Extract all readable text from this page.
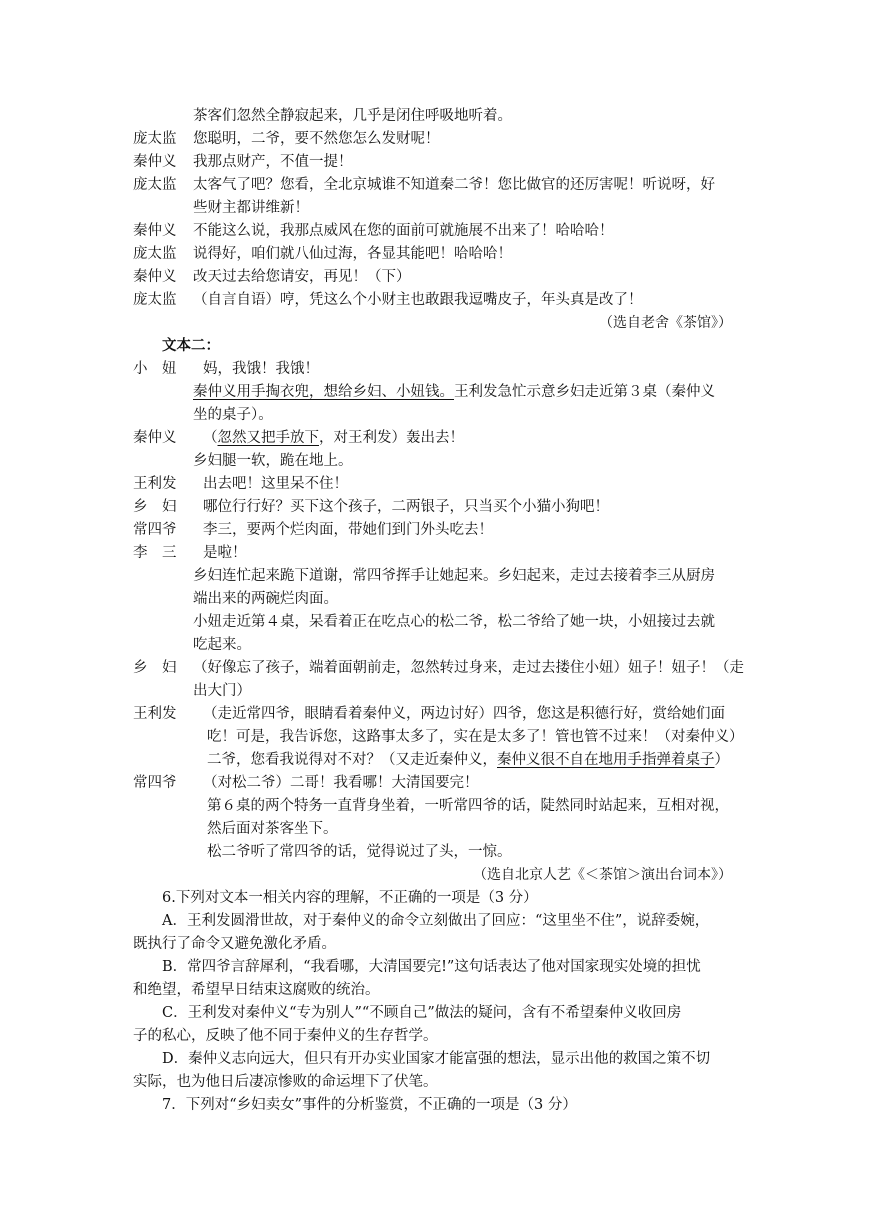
茶客们忽然全静寂起来，几乎是闭住呼吸地听着。
庞太监 您聪明，二爷，要不然您怎么发财呢！
秦仲义 我那点财产，不值一提！
庞太监 太客气了吧？您看，全北京城谁不知道秦二爷！您比做官的还厉害呢！听说呀，好
些财主都讲维新！
秦仲义 不能这么说，我那点威风在您的面前可就施展不出来了！哈哈哈！
庞太监 说得好，咱们就八仙过海，各显其能吧！哈哈哈！
秦仲义 改天过去给您请安，再见！（下）
庞太监 （自言自语）哼，凭这么个小财主也敢跟我逗嘴皮子，年头真是改了！
（选自老舍《茶馆》）
文本二：
小　妞 妈，我饿！我饿！
秦仲义用手掏衣兜，想给乡妇、小妞钱。王利发急忙示意乡妇走近第３桌（秦仲义
坐的桌子）。
秦仲义 （忽然又把手放下，对王利发）轰出去！
乡妇腿一软，跪在地上。
王利发 出去吧！这里呆不住！
乡　妇 哪位行行好？买下这个孩子，二两银子，只当买个小猫小狗吧！
常四爷 李三，要两个烂肉面，带她们到门外头吃去！
李　三 是啦！
乡妇连忙起来跪下道谢，常四爷挥手让她起来。乡妇起来，走过去接着李三从厨房
端出来的两碗烂肉面。
小妞走近第４桌，呆看着正在吃点心的松二爷，松二爷给了她一块，小妞接过去就
吃起来。
乡　妇 （好像忘了孩子，端着面朝前走，忽然转过身来，走过去搂住小妞）妞子！妞子！（走
出大门）
王利发 （走近常四爷，眼睛看着秦仲义，两边讨好）四爷，您这是积德行好，赏给她们面
吃！可是，我告诉您，这路事太多了，实在是太多了！管也管不过来！（对秦仲义）
二爷，您看我说得对不对？（又走近秦仲义，秦仲义很不自在地用手指弹着桌子）
常四爷 （对松二爷）二哥！我看哪！大清国要完！
第６桌的两个特务一直背身坐着，一听常四爷的话，陡然同时站起来，互相对视，
然后面对茶客坐下。
松二爷听了常四爷的话，觉得说过了头，一惊。
（选自北京人艺《＜茶馆＞演出台词本》）
6.下列对文本一相关内容的理解，不正确的一项是（3 分）
A．王利发圆滑世故，对于秦仲义的命令立刻做出了回应：“这里坐不住”，说辞委婉，
既执行了命令又避免激化矛盾。
B．常四爷言辞犀利，“我看哪，大清国要完!”这句话表达了他对国家现实处境的担忧
和绝望，希望早日结束这腐败的统治。
C．王利发对秦仲义“专为别人”“不顾自己”做法的疑问，含有不希望秦仲义收回房
子的私心，反映了他不同于秦仲义的生存哲学。
D．秦仲义志向远大，但只有开办实业国家才能富强的想法，显示出他的救国之策不切
实际，也为他日后凄凉惨败的命运埋下了伏笔。
7．下列对“乡妇卖女”事件的分析鉴赏，不正确的一项是（3 分）
